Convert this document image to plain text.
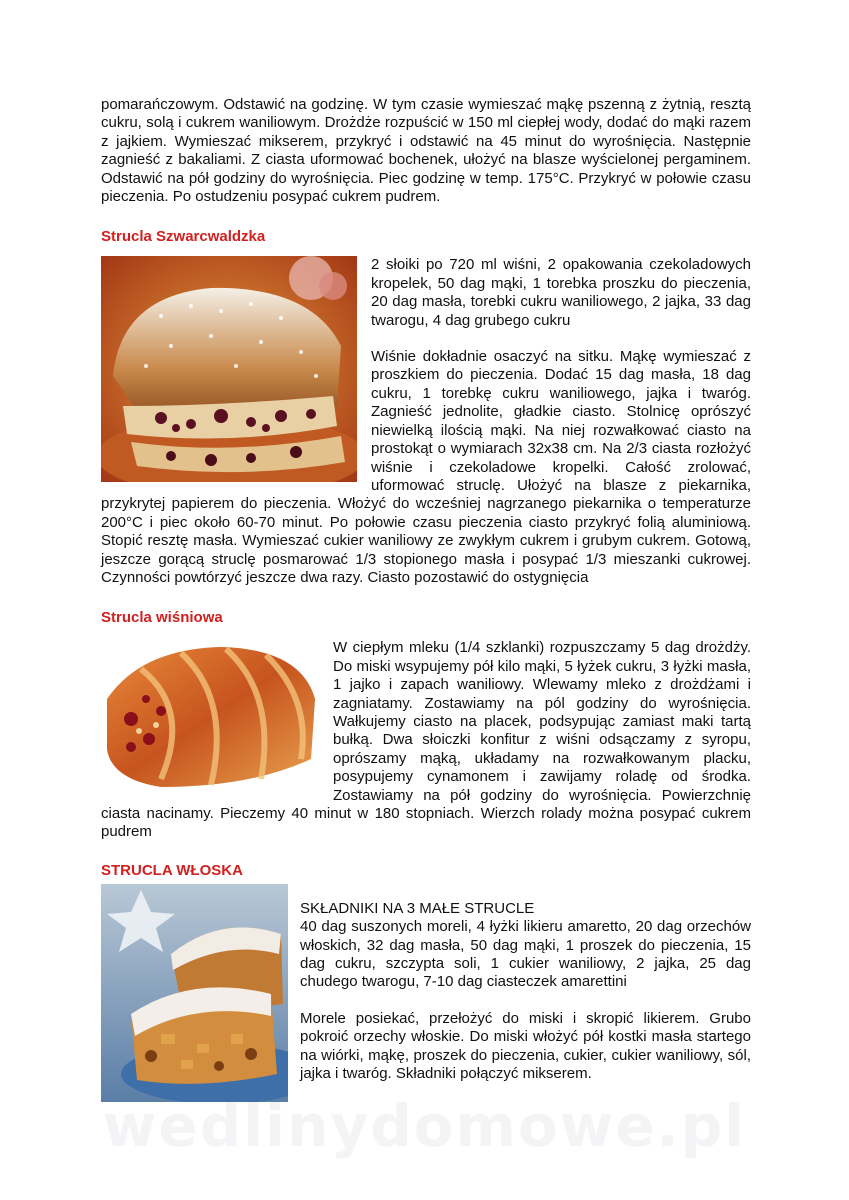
pomarańczowym. Odstawić na godzinę. W tym czasie wymieszać mąkę pszenną z żytnią, resztą cukru, solą i cukrem waniliowym. Drożdże rozpuścić w 150 ml ciepłej wody, dodać do mąki razem z jajkiem. Wymieszać mikserem, przykryć i odstawić na 45 minut do wyrośnięcia. Następnie zagnieść z bakaliami. Z ciasta uformować bochenek, ułożyć na blasze wyścielonej pergaminem. Odstawić na pół godziny do wyrośnięcia. Piec godzinę w temp. 175°C. Przykryć w połowie czasu pieczenia. Po ostudzeniu posypać cukrem pudrem.

Strucla Szwarcwaldzka

2 słoiki po 720 ml wiśni, 2 opakowania czekoladowych kropelek, 50 dag mąki, 1 torebka proszku do pieczenia, 20 dag masła, torebki cukru waniliowego, 2 jajka, 33 dag twarogu, 4 dag grubego cukru

Wiśnie dokładnie osaczyć na sitku. Mąkę wymieszać z proszkiem do pieczenia. Dodać 15 dag masła, 18 dag cukru, 1 torebkę cukru waniliowego, jajka i twaróg. Zagnieść jednolite, gładkie ciasto. Stolnicę oprószyć niewielką ilością mąki. Na niej rozwałkować ciasto na prostokąt o wymiarach 32x38 cm. Na 2/3 ciasta rozłożyć wiśnie i czekoladowe kropelki. Całość zrolować, uformować struclę. Ułożyć na blasze z piekarnika, przykrytej papierem do pieczenia. Włożyć do wcześniej nagrzanego piekarnika o temperaturze 200°C i piec około 60-70 minut. Po połowie czasu pieczenia ciasto przykryć folią aluminiową. Stopić resztę masła. Wymieszać cukier waniliowy ze zwykłym cukrem i grubym cukrem. Gotową, jeszcze gorącą struclę posmarować 1/3 stopionego masła i posypać 1/3 mieszanki cukrowej. Czynności powtórzyć jeszcze dwa razy. Ciasto pozostawić do ostygnięcia

Strucla wiśniowa

W ciepłym mleku (1/4 szklanki) rozpuszczamy 5 dag drożdży. Do miski wsypujemy pół kilo mąki, 5 łyżek cukru, 3 łyżki masła, 1 jajko i zapach waniliowy. Wlewamy mleko z drożdżami i zagniatamy. Zostawiamy na pól godziny do wyrośnięcia. Wałkujemy ciasto na placek, podsypując zamiast maki tartą bułką. Dwa słoiczki konfitur z wiśni odsączamy z syropu, oprószamy mąką, układamy na rozwałkowanym placku, posypujemy cynamonem i zawijamy roladę od środka. Zostawiamy na pół godziny do wyrośnięcia. Powierzchnię ciasta nacinamy. Pieczemy 40 minut w 180 stopniach. Wierzch rolady można posypać cukrem pudrem

STRUCLA WŁOSKA

SKŁADNIKI NA 3 MAŁE STRUCLE

40 dag suszonych moreli, 4 łyżki likieru amaretto, 20 dag orzechów włoskich, 32 dag masła, 50 dag mąki, 1 proszek do pieczenia, 15 dag cukru, szczypta soli, 1 cukier waniliowy, 2 jajka, 25 dag chudego twarogu, 7-10 dag ciasteczek amarettini

Morele posiekać, przełożyć do miski i skropić likierem. Grubo pokroić orzechy włoskie. Do miski włożyć pół kostki masła startego na wiórki, mąkę, proszek do pieczenia, cukier, cukier waniliowy, sól, jajka i twaróg. Składniki połączyć mikserem.

wedlinydomowe.pl
